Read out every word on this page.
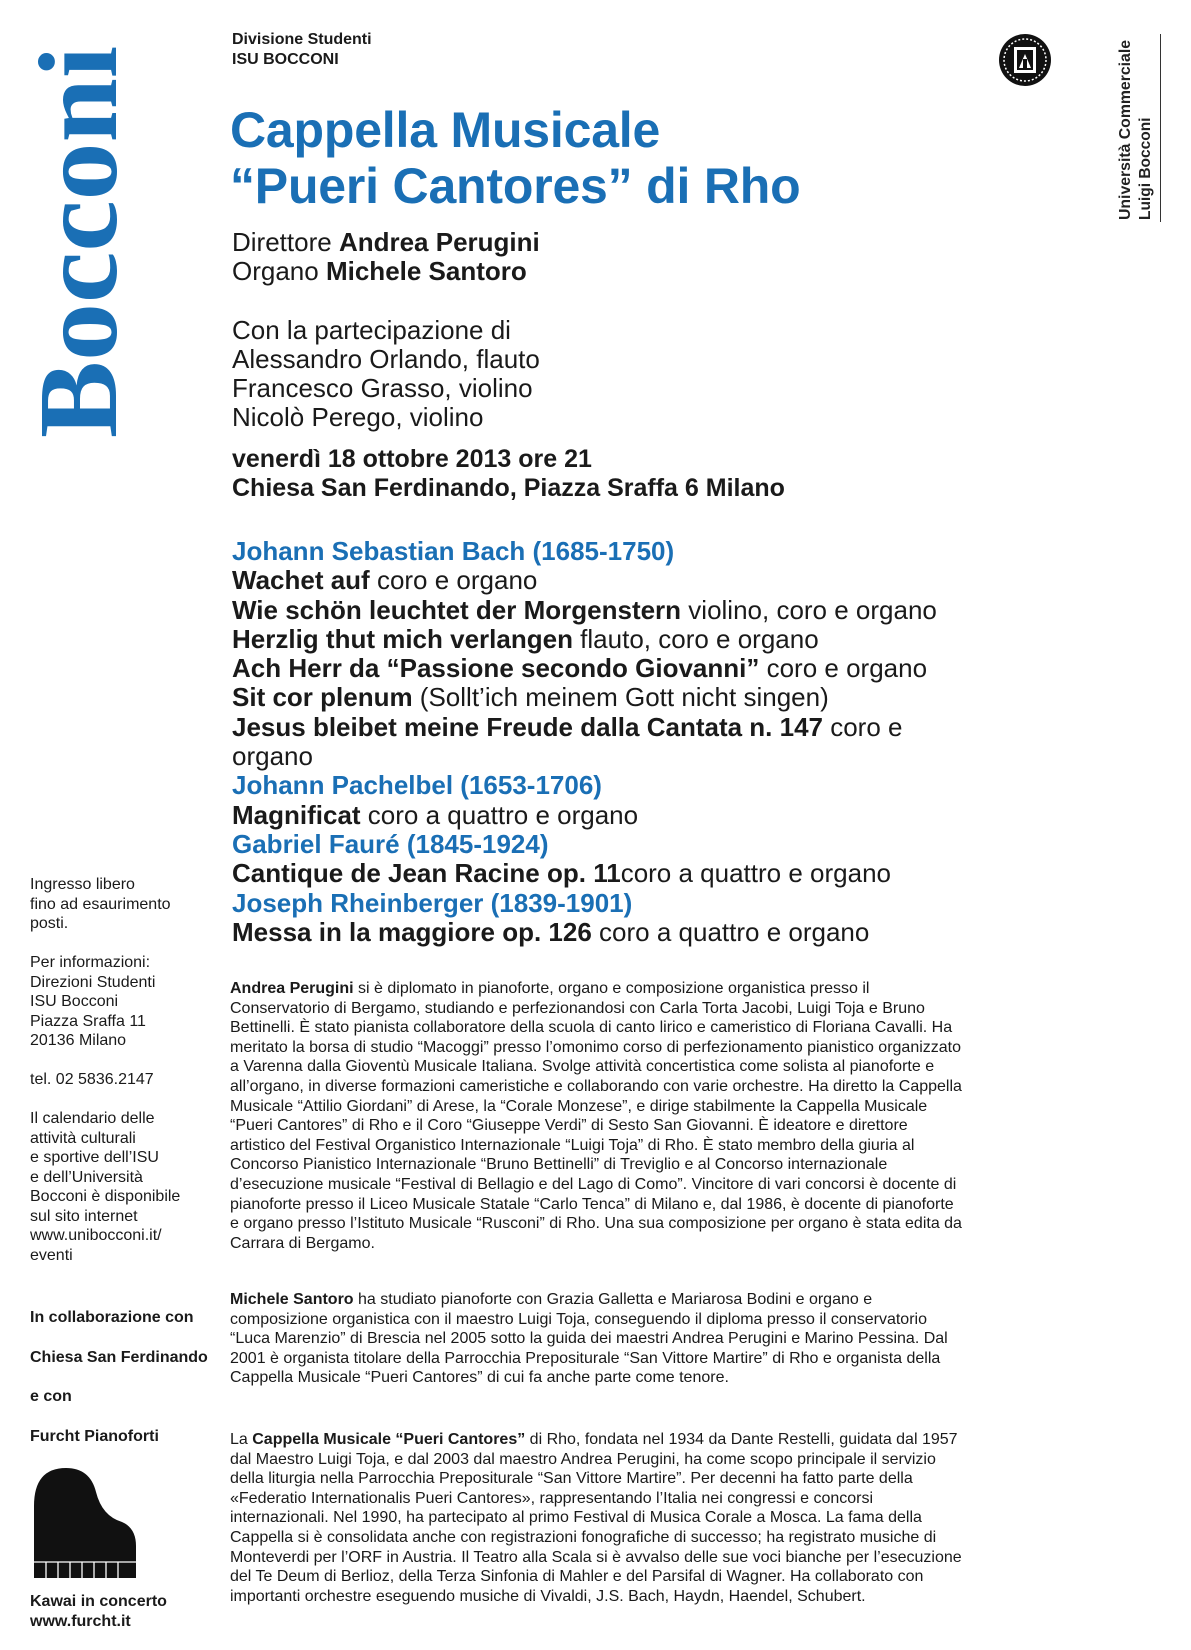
Bocconi
Divisione Studenti
ISU BOCCONI	Università Commerciale Luigi Bocconi
Cappella Musicale
“Pueri Cantores” di Rho
Direttore Andrea Perugini
Organo Michele Santoro
Con la partecipazione di
Alessandro Orlando, flauto
Francesco Grasso, violino
Nicolò Perego, violino
venerdì 18 ottobre 2013 ore 21
Chiesa San Ferdinando, Piazza Sraffa 6 Milano
Johann Sebastian Bach (1685-1750)
Wachet auf coro e organo
Wie schön leuchtet der Morgenstern violino, coro e organo
Herzlig thut mich verlangen flauto, coro e organo
Ach Herr da “Passione secondo Giovanni” coro e organo
Sit cor plenum (Sollt’ich meinem Gott nicht singen)
Jesus bleibet meine Freude dalla Cantata n. 147 coro e organo
Johann Pachelbel (1653-1706)
Magnificat coro a quattro e organo
Gabriel Fauré (1845-1924)
Cantique de Jean Racine op. 11coro a quattro e organo
Joseph Rheinberger (1839-1901)
Messa in la maggiore op. 126 coro a quattro e organo
Ingresso libero
fino ad esaurimento
posti.
Per informazioni:
Direzioni Studenti
ISU Bocconi
Piazza Sraffa 11
20136 Milano
tel. 02 5836.2147
Il calendario delle
attività culturali
e sportive dell’ISU
e dell’Università
Bocconi è disponibile
sul sito internet
www.unibocconi.it/
eventi
In collaborazione con
Chiesa San Ferdinando
e con
Furcht Pianoforti
Kawai in concerto
www.furcht.it
Andrea Perugini si è diplomato in pianoforte, organo e composizione organistica presso il Conservatorio di Bergamo, studiando e perfezionandosi con Carla Torta Jacobi, Luigi Toja e Bruno Bettinelli. È stato pianista collaboratore della scuola di canto lirico e cameristico di Floriana Cavalli. Ha meritato la borsa di studio “Macoggi” presso l’omonimo corso di perfezionamento pianistico organizzato a Varenna dalla Gioventù Musicale Italiana. Svolge attività concertistica come solista al pianoforte e all’organo, in diverse formazioni cameristiche e collaborando con varie orchestre. Ha diretto la Cappella Musicale “Attilio Giordani” di Arese, la “Corale Monzese”, e dirige stabilmente la Cappella Musicale “Pueri Cantores” di Rho e il Coro “Giuseppe Verdi” di Sesto San Giovanni. È ideatore e direttore artistico del Festival Organistico Internazionale “Luigi Toja” di Rho. È stato membro della giuria al Concorso Pianistico Internazionale “Bruno Bettinelli” di Treviglio e al Concorso internazionale d’esecuzione musicale “Festival di Bellagio e del Lago di Como”. Vincitore di vari concorsi è docente di pianoforte presso il Liceo Musicale Statale “Carlo Tenca” di Milano e, dal 1986, è docente di pianoforte e organo presso l’Istituto Musicale “Rusconi” di Rho. Una sua composizione per organo è stata edita da Carrara di Bergamo.
Michele Santoro ha studiato pianoforte con Grazia Galletta e Mariarosa Bodini e organo e composizione organistica con il maestro Luigi Toja, conseguendo il diploma presso il conservatorio “Luca Marenzio” di Brescia nel 2005 sotto la guida dei maestri Andrea Perugini e Marino Pessina. Dal 2001 è organista titolare della Parrocchia Prepositurale “San Vittore Martire” di Rho e organista della Cappella Musicale “Pueri Cantores” di cui fa anche parte come tenore.
La Cappella Musicale “Pueri Cantores” di Rho, fondata nel 1934 da Dante Restelli, guidata dal 1957 dal Maestro Luigi Toja, e dal 2003 dal maestro Andrea Perugini, ha come scopo principale il servizio della liturgia nella Parrocchia Prepositurale “San Vittore Martire”. Per decenni ha fatto parte della «Federatio Internationalis Pueri Cantores», rappresentando l’Italia nei congressi e concorsi internazionali. Nel 1990, ha partecipato al primo Festival di Musica Corale a Mosca. La fama della Cappella si è consolidata anche con registrazioni fonografiche di successo; ha registrato musiche di Monteverdi per l’ORF in Austria. Il Teatro alla Scala si è avvalso delle sue voci bianche per l’esecuzione del Te Deum di Berlioz, della Terza Sinfonia di Mahler e del Parsifal di Wagner. Ha collaborato con importanti orchestre eseguendo musiche di Vivaldi, J.S. Bach, Haydn, Haendel, Schubert.
